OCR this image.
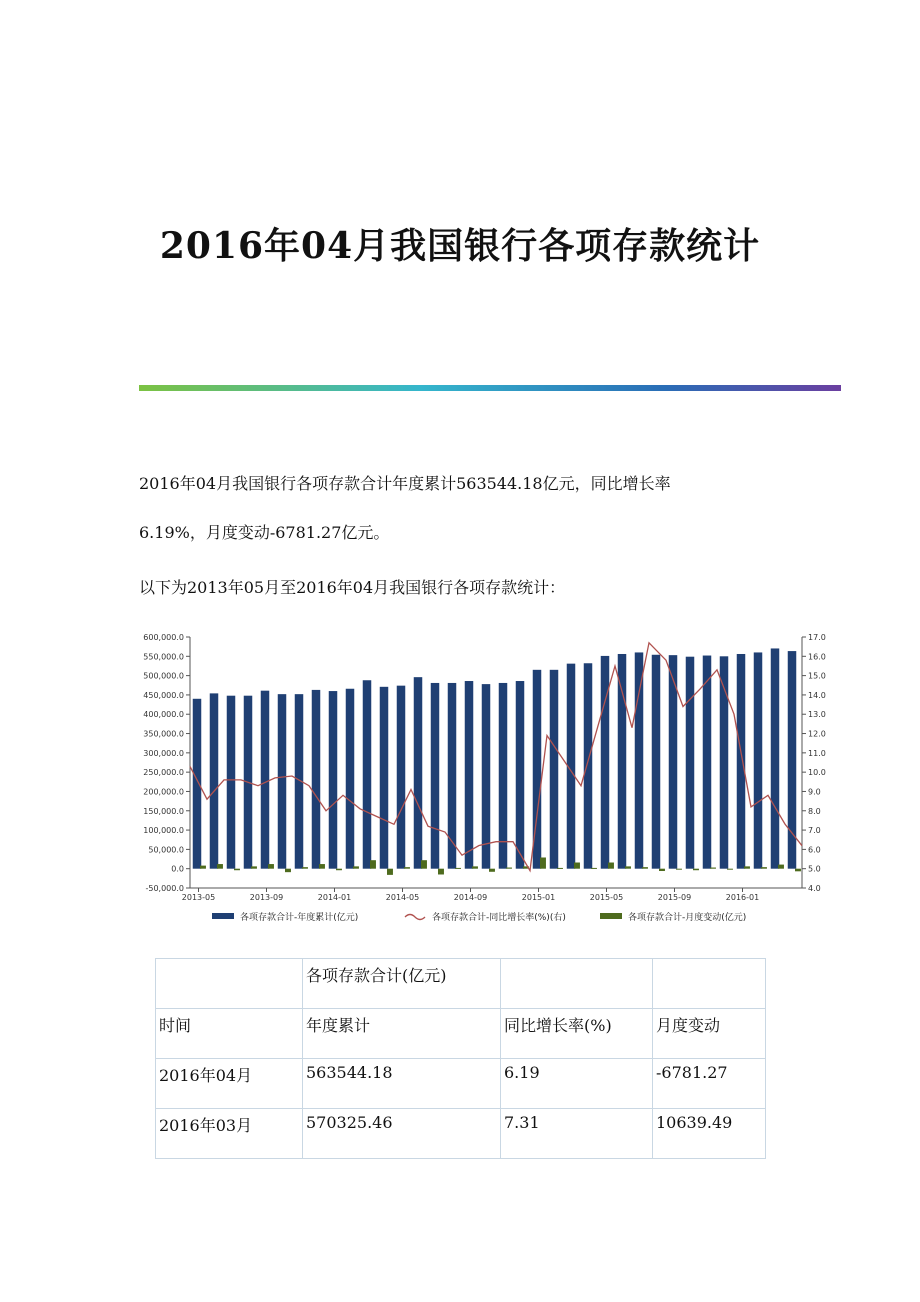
2016年04月我国银行各项存款统计
2016年04月我国银行各项存款合计年度累计563544.18亿元，同比增长率
6.19%，月度变动-6781.27亿元。
以下为2013年05月至2016年04月我国银行各项存款统计：
600,000.0
550,000.0
500,000.0
450,000.0
400,000.0
350,000.0
300,000.0
250,000.0
200,000.0
150,000.0
100,000.0
50,000.0
0.0
-50,000.0
17.0
16.0
15.0
14.0
13.0
12.0
11.0
10.0
9.0
8.0
7.0
6.0
5.0
4.0
2013-05	2013-09	2014-01	2014-05	2014-09	2015-01	2015-05	2015-09	2016-01
各项存款合计-年度累计(亿元)	各项存款合计-同比增长率(%)(右)	各项存款合计-月度变动(亿元)
	各项存款合计(亿元)		
时间	年度累计	同比增长率(%)	月度变动
2016年04月	563544.18	6.19	-6781.27
2016年03月	570325.46	7.31	10639.49
